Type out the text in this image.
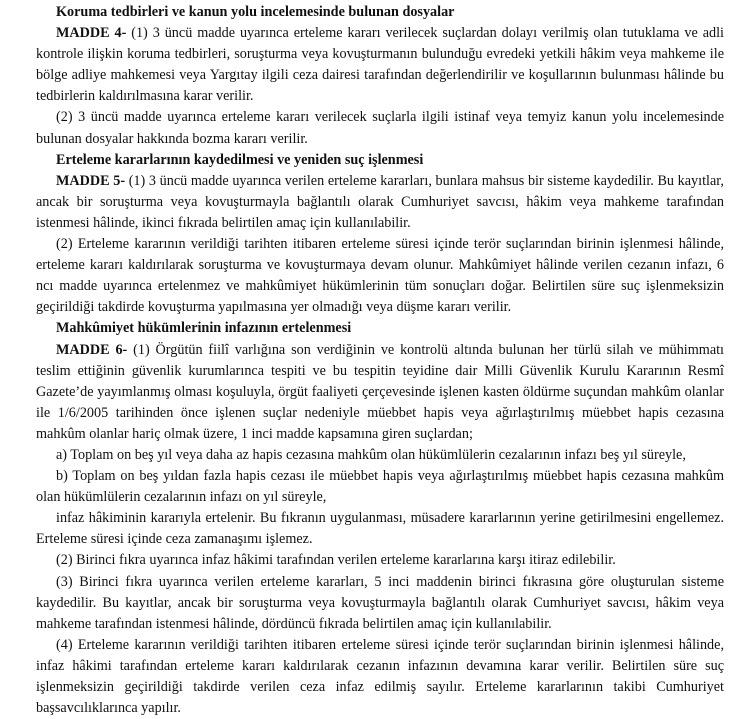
Koruma tedbirleri ve kanun yolu incelemesinde bulunan dosyalar

MADDE 4- (1) 3 üncü madde uyarınca erteleme kararı verilecek suçlardan dolayı verilmiş olan tutuklama ve adli kontrole ilişkin koruma tedbirleri, soruşturma veya kovuşturmanın bulunduğu evredeki yetkili hâkim veya mahkeme ile bölge adliye mahkemesi veya Yargıtay ilgili ceza dairesi tarafından değerlendirilir ve koşullarının bulunması hâlinde bu tedbirlerin kaldırılmasına karar verilir.

(2) 3 üncü madde uyarınca erteleme kararı verilecek suçlarla ilgili istinaf veya temyiz kanun yolu incelemesinde bulunan dosyalar hakkında bozma kararı verilir.

Erteleme kararlarının kaydedilmesi ve yeniden suç işlenmesi

MADDE 5- (1) 3 üncü madde uyarınca verilen erteleme kararları, bunlara mahsus bir sisteme kaydedilir. Bu kayıtlar, ancak bir soruşturma veya kovuşturmayla bağlantılı olarak Cumhuriyet savcısı, hâkim veya mahkeme tarafından istenmesi hâlinde, ikinci fıkrada belirtilen amaç için kullanılabilir.

(2) Erteleme kararının verildiği tarihten itibaren erteleme süresi içinde terör suçlarından birinin işlenmesi hâlinde, erteleme kararı kaldırılarak soruşturma ve kovuşturmaya devam olunur. Mahkûmiyet hâlinde verilen cezanın infazı, 6 ncı madde uyarınca ertelenmez ve mahkûmiyet hükümlerinin tüm sonuçları doğar. Belirtilen süre suç işlenmeksizin geçirildiği takdirde kovuşturma yapılmasına yer olmadığı veya düşme kararı verilir.

Mahkûmiyet hükümlerinin infazının ertelenmesi

MADDE 6- (1) Örgütün fiilî varlığına son verdiğinin ve kontrolü altında bulunan her türlü silah ve mühimmatı teslim ettiğinin güvenlik kurumlarınca tespiti ve bu tespitin teyidine dair Milli Güvenlik Kurulu Kararının Resmî Gazete’de yayımlanmış olması koşuluyla, örgüt faaliyeti çerçevesinde işlenen kasten öldürme suçundan mahkûm olanlar ile 1/6/2005 tarihinden önce işlenen suçlar nedeniyle müebbet hapis veya ağırlaştırılmış müebbet hapis cezasına mahkûm olanlar hariç olmak üzere, 1 inci madde kapsamına giren suçlardan;

a) Toplam on beş yıl veya daha az hapis cezasına mahkûm olan hükümlülerin cezalarının infazı beş yıl süreyle,

b) Toplam on beş yıldan fazla hapis cezası ile müebbet hapis veya ağırlaştırılmış müebbet hapis cezasına mahkûm olan hükümlülerin cezalarının infazı on yıl süreyle,

infaz hâkiminin kararıyla ertelenir. Bu fıkranın uygulanması, müsadere kararlarının yerine getirilmesini engellemez. Erteleme süresi içinde ceza zamanaşımı işlemez.

(2) Birinci fıkra uyarınca infaz hâkimi tarafından verilen erteleme kararlarına karşı itiraz edilebilir.

(3) Birinci fıkra uyarınca verilen erteleme kararları, 5 inci maddenin birinci fıkrasına göre oluşturulan sisteme kaydedilir. Bu kayıtlar, ancak bir soruşturma veya kovuşturmayla bağlantılı olarak Cumhuriyet savcısı, hâkim veya mahkeme tarafından istenmesi hâlinde, dördüncü fıkrada belirtilen amaç için kullanılabilir.

(4) Erteleme kararının verildiği tarihten itibaren erteleme süresi içinde terör suçlarından birinin işlenmesi hâlinde, infaz hâkimi tarafından erteleme kararı kaldırılarak cezanın infazının devamına karar verilir. Belirtilen süre suç işlenmeksizin geçirildiği takdirde verilen ceza infaz edilmiş sayılır. Erteleme kararlarının takibi Cumhuriyet başsavcılıklarınca yapılır.
